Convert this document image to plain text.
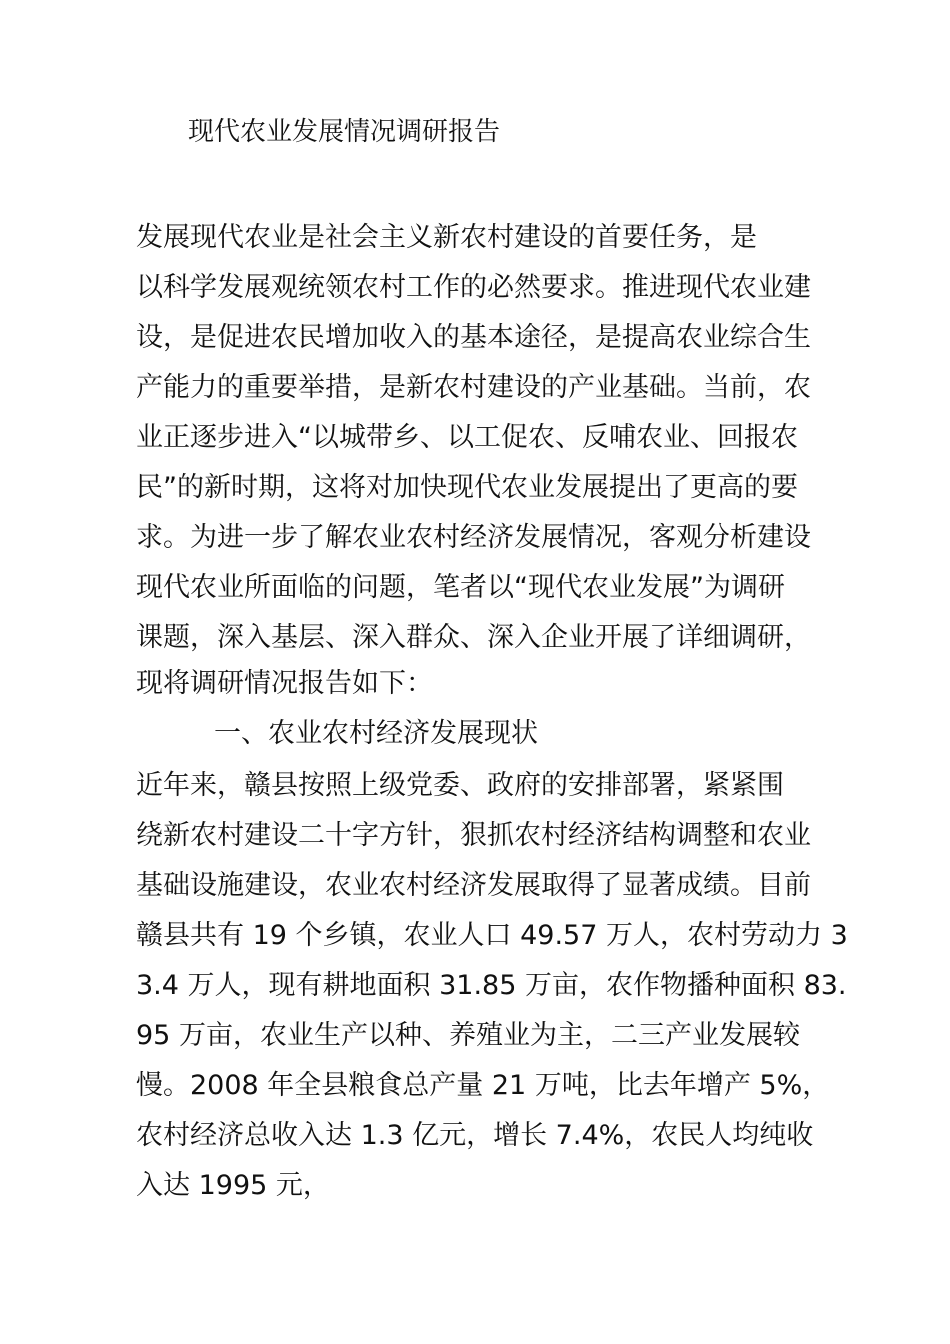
现代农业发展情况调研报告
发展现代农业是社会主义新农村建设的首要任务，是
以科学发展观统领农村工作的必然要求。推进现代农业建
设，是促进农民增加收入的基本途径，是提高农业综合生
产能力的重要举措，是新农村建设的产业基础。当前，农
业正逐步进入“以城带乡、以工促农、反哺农业、回报农
民”的新时期，这将对加快现代农业发展提出了更高的要
求。为进一步了解农业农村经济发展情况，客观分析建设
现代农业所面临的问题，笔者以“现代农业发展”为调研
课题，深入基层、深入群众、深入企业开展了详细调研，
现将调研情况报告如下：
一、农业农村经济发展现状
近年来，赣县按照上级党委、政府的安排部署，紧紧围
绕新农村建设二十字方针，狠抓农村经济结构调整和农业
基础设施建设，农业农村经济发展取得了显著成绩。目前
赣县共有 19 个乡镇，农业人口 49.57 万人，农村劳动力 3
3.4 万人，现有耕地面积 31.85 万亩，农作物播种面积 83.
95 万亩，农业生产以种、养殖业为主，二三产业发展较
慢。2008 年全县粮食总产量 21 万吨，比去年增产 5%，
农村经济总收入达 1.3 亿元，增长 7.4%，农民人均纯收
入达 1995 元，
